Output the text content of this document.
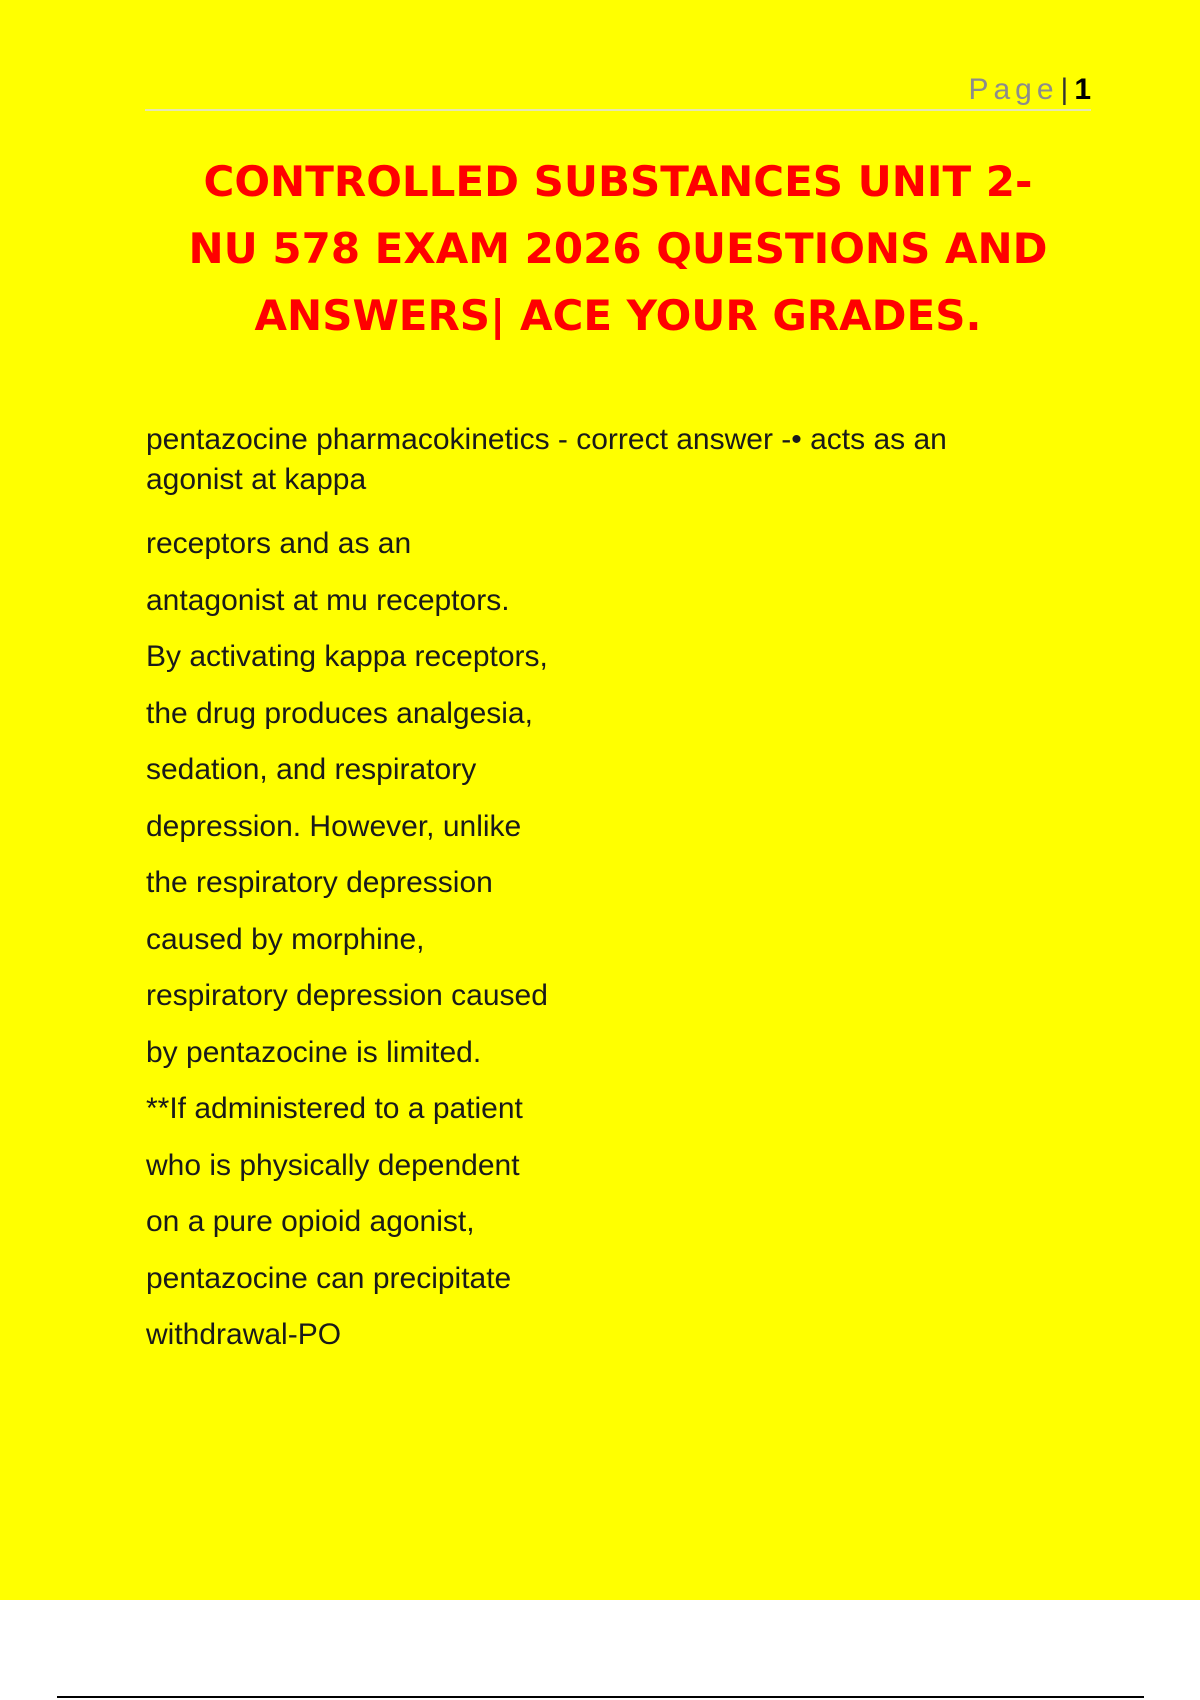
Page| 1
CONTROLLED SUBSTANCES UNIT 2-
NU 578 EXAM 2026 QUESTIONS AND
ANSWERS| ACE YOUR GRADES.

pentazocine pharmacokinetics - correct answer -• acts as an
agonist at kappa

receptors and as an

antagonist at mu receptors.

By activating kappa receptors,

the drug produces analgesia,

sedation, and respiratory

depression. However, unlike

the respiratory depression

caused by morphine,

respiratory depression caused

by pentazocine is limited.

**If administered to a patient

who is physically dependent

on a pure opioid agonist,

pentazocine can precipitate

withdrawal-PO
